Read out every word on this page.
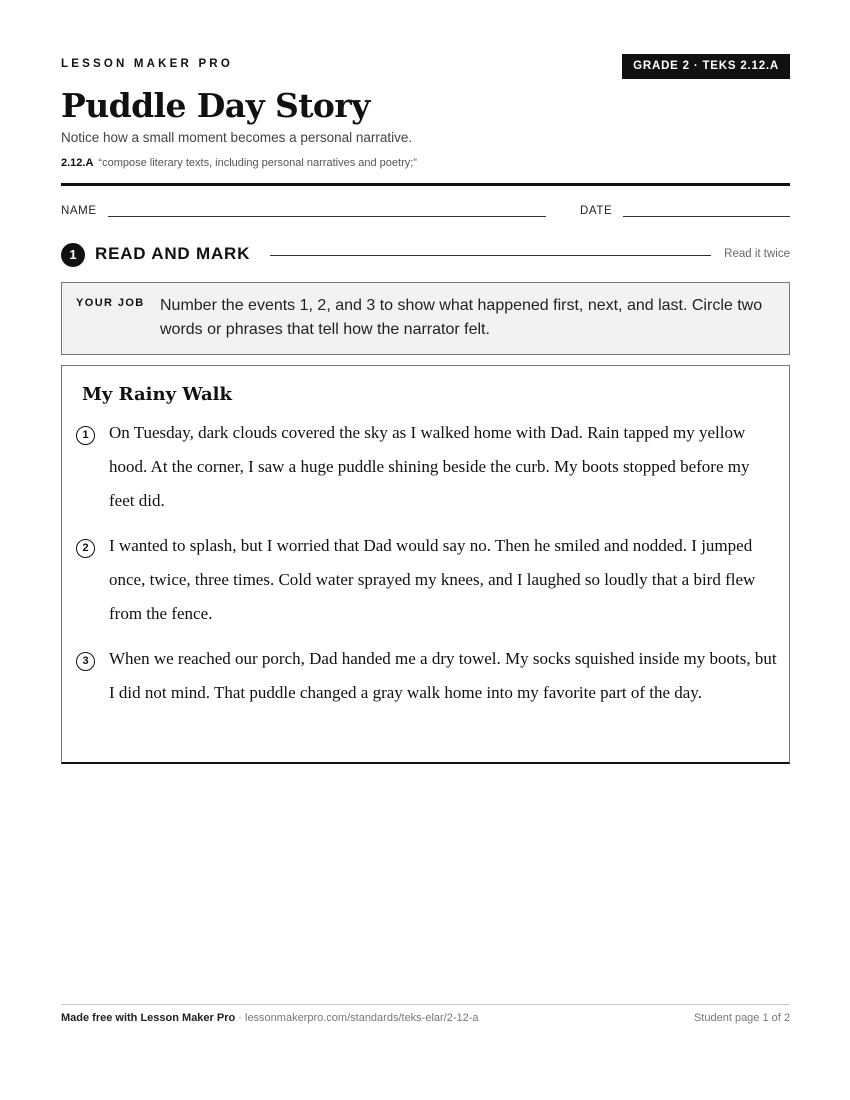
LESSON MAKER PRO	GRADE 2 · TEKS 2.12.A
Puddle Day Story
Notice how a small moment becomes a personal narrative.
2.12.A “compose literary texts, including personal narratives and poetry;”
NAME	DATE
1	READ AND MARK	Read it twice
YOUR JOB Number the events 1, 2, and 3 to show what happened first, next, and last. Circle two words or phrases that tell how the narrator felt.
My Rainy Walk
1	On Tuesday, dark clouds covered the sky as I walked home with Dad. Rain tapped my yellow hood. At the corner, I saw a huge puddle shining beside the curb. My boots stopped before my feet did.
2	I wanted to splash, but I worried that Dad would say no. Then he smiled and nodded. I jumped once, twice, three times. Cold water sprayed my knees, and I laughed so loudly that a bird flew from the fence.
3	When we reached our porch, Dad handed me a dry towel. My socks squished inside my boots, but I did not mind. That puddle changed a gray walk home into my favorite part of the day.
Made free with Lesson Maker Pro · lessonmakerpro.com/standards/teks-elar/2-12-a	Student page 1 of 2
